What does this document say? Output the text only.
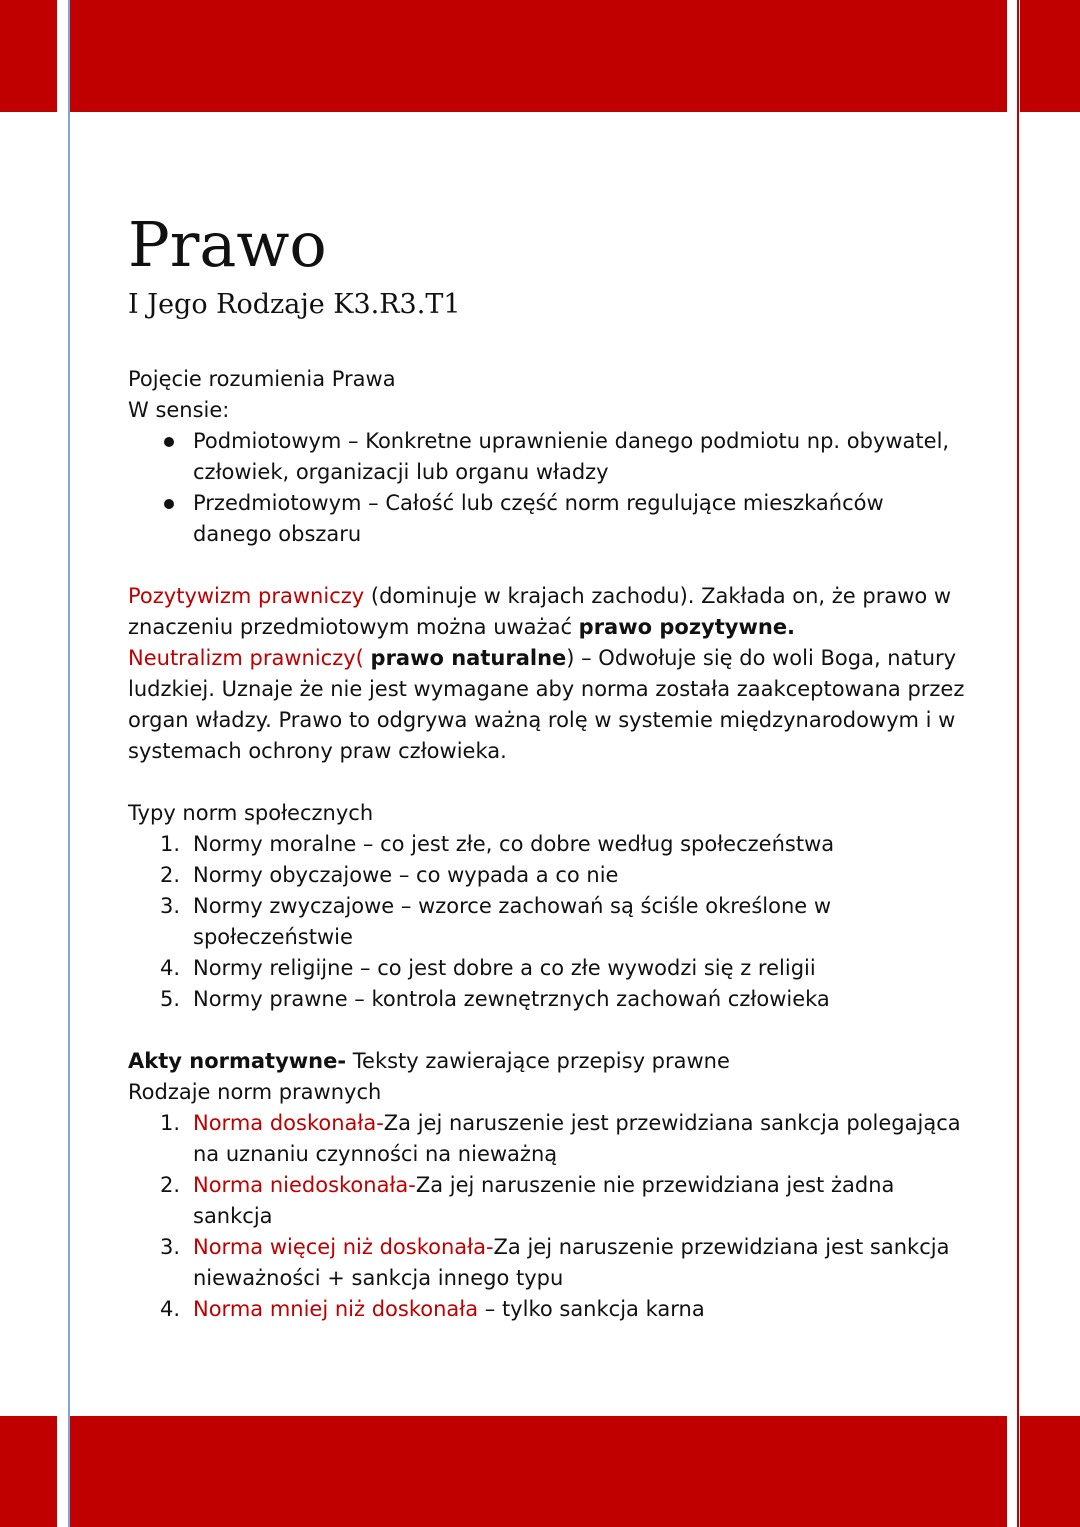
Prawo
I Jego Rodzaje K3.R3.T1

Pojęcie rozumienia Prawa

W sensie:

Podmiotowym – Konkretne uprawnienie danego podmiotu np. obywatel, człowiek, organizacji lub organu władzy
Przedmiotowym – Całość lub część norm regulujące mieszkańców danego obszaru

Pozytywizm prawniczy (dominuje w krajach zachodu). Zakłada on, że prawo w znaczeniu przedmiotowym można uważać prawo pozytywne.

Neutralizm prawniczy( prawo naturalne) – Odwołuje się do woli Boga, natury ludzkiej. Uznaje że nie jest wymagane aby norma została zaakceptowana przez organ władzy. Prawo to odgrywa ważną rolę w systemie międzynarodowym i w systemach ochrony praw człowieka.

Typy norm społecznych

1. Normy moralne – co jest złe, co dobre według społeczeństwa
2. Normy obyczajowe – co wypada a co nie
3. Normy zwyczajowe – wzorce zachowań są ściśle określone w społeczeństwie
4. Normy religijne – co jest dobre a co złe wywodzi się z religii
5. Normy prawne – kontrola zewnętrznych zachowań człowieka

Akty normatywne- Teksty zawierające przepisy prawne

Rodzaje norm prawnych

1. Norma doskonała-Za jej naruszenie jest przewidziana sankcja polegająca na uznaniu czynności na nieważną
2. Norma niedoskonała-Za jej naruszenie nie przewidziana jest żadna sankcja
3. Norma więcej niż doskonała-Za jej naruszenie przewidziana jest sankcja nieważności + sankcja innego typu
4. Norma mniej niż doskonała – tylko sankcja karna
